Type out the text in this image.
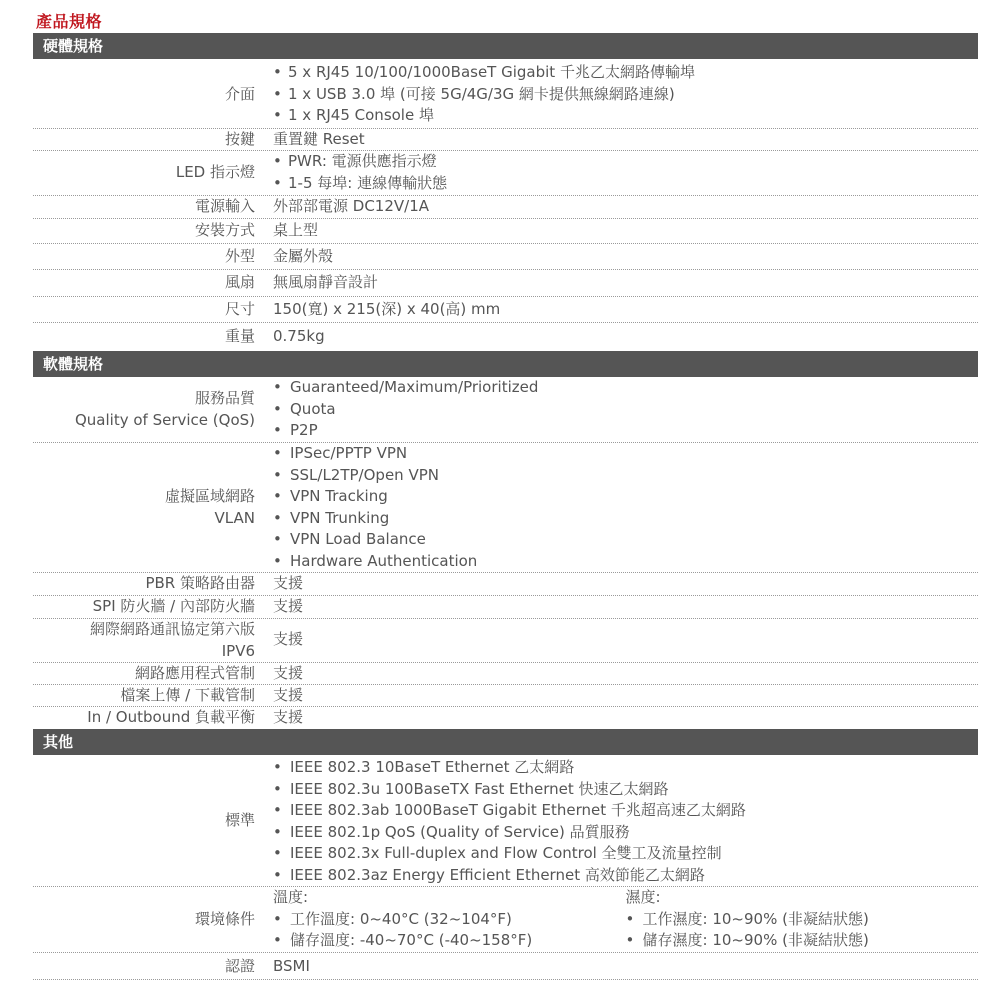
產品規格
硬體規格
介面
• 5 x RJ45 10/100/1000BaseT Gigabit 千兆乙太網路傳輸埠
• 1 x USB 3.0 埠 (可接 5G/4G/3G 網卡提供無線網路連線)
• 1 x RJ45 Console 埠
按鍵 重置鍵 Reset
LED 指示燈
• PWR: 電源供應指示燈
• 1-5 每埠: 連線傳輸狀態
電源輸入 外部部電源 DC12V/1A
安裝方式 桌上型
外型 金屬外殼
風扇 無風扇靜音設計
尺寸 150(寬) x 215(深) x 40(高) mm
重量 0.75kg
軟體規格
服務品質
Quality of Service (QoS)
• Guaranteed/Maximum/Prioritized
• Quota
• P2P
虛擬區域網路
VLAN
• IPSec/PPTP VPN
• SSL/L2TP/Open VPN
• VPN Tracking
• VPN Trunking
• VPN Load Balance
• Hardware Authentication
PBR 策略路由器 支援
SPI 防火牆 / 內部防火牆 支援
網際網路通訊協定第六版
IPV6
支援
網路應用程式管制 支援
檔案上傳 / 下載管制 支援
In / Outbound 負載平衡 支援
其他
標準
• IEEE 802.3 10BaseT Ethernet 乙太網路
• IEEE 802.3u 100BaseTX Fast Ethernet 快速乙太網路
• IEEE 802.3ab 1000BaseT Gigabit Ethernet 千兆超高速乙太網路
• IEEE 802.1p QoS (Quality of Service) 品質服務
• IEEE 802.3x Full-duplex and Flow Control 全雙工及流量控制
• IEEE 802.3az Energy Efficient Ethernet 高效節能乙太網路
環境條件
溫度:
• 工作溫度: 0~40°C (32~104°F)
• 儲存溫度: -40~70°C (-40~158°F)
濕度:
• 工作濕度: 10~90% (非凝結狀態)
• 儲存濕度: 10~90% (非凝結狀態)
認證 BSMI
